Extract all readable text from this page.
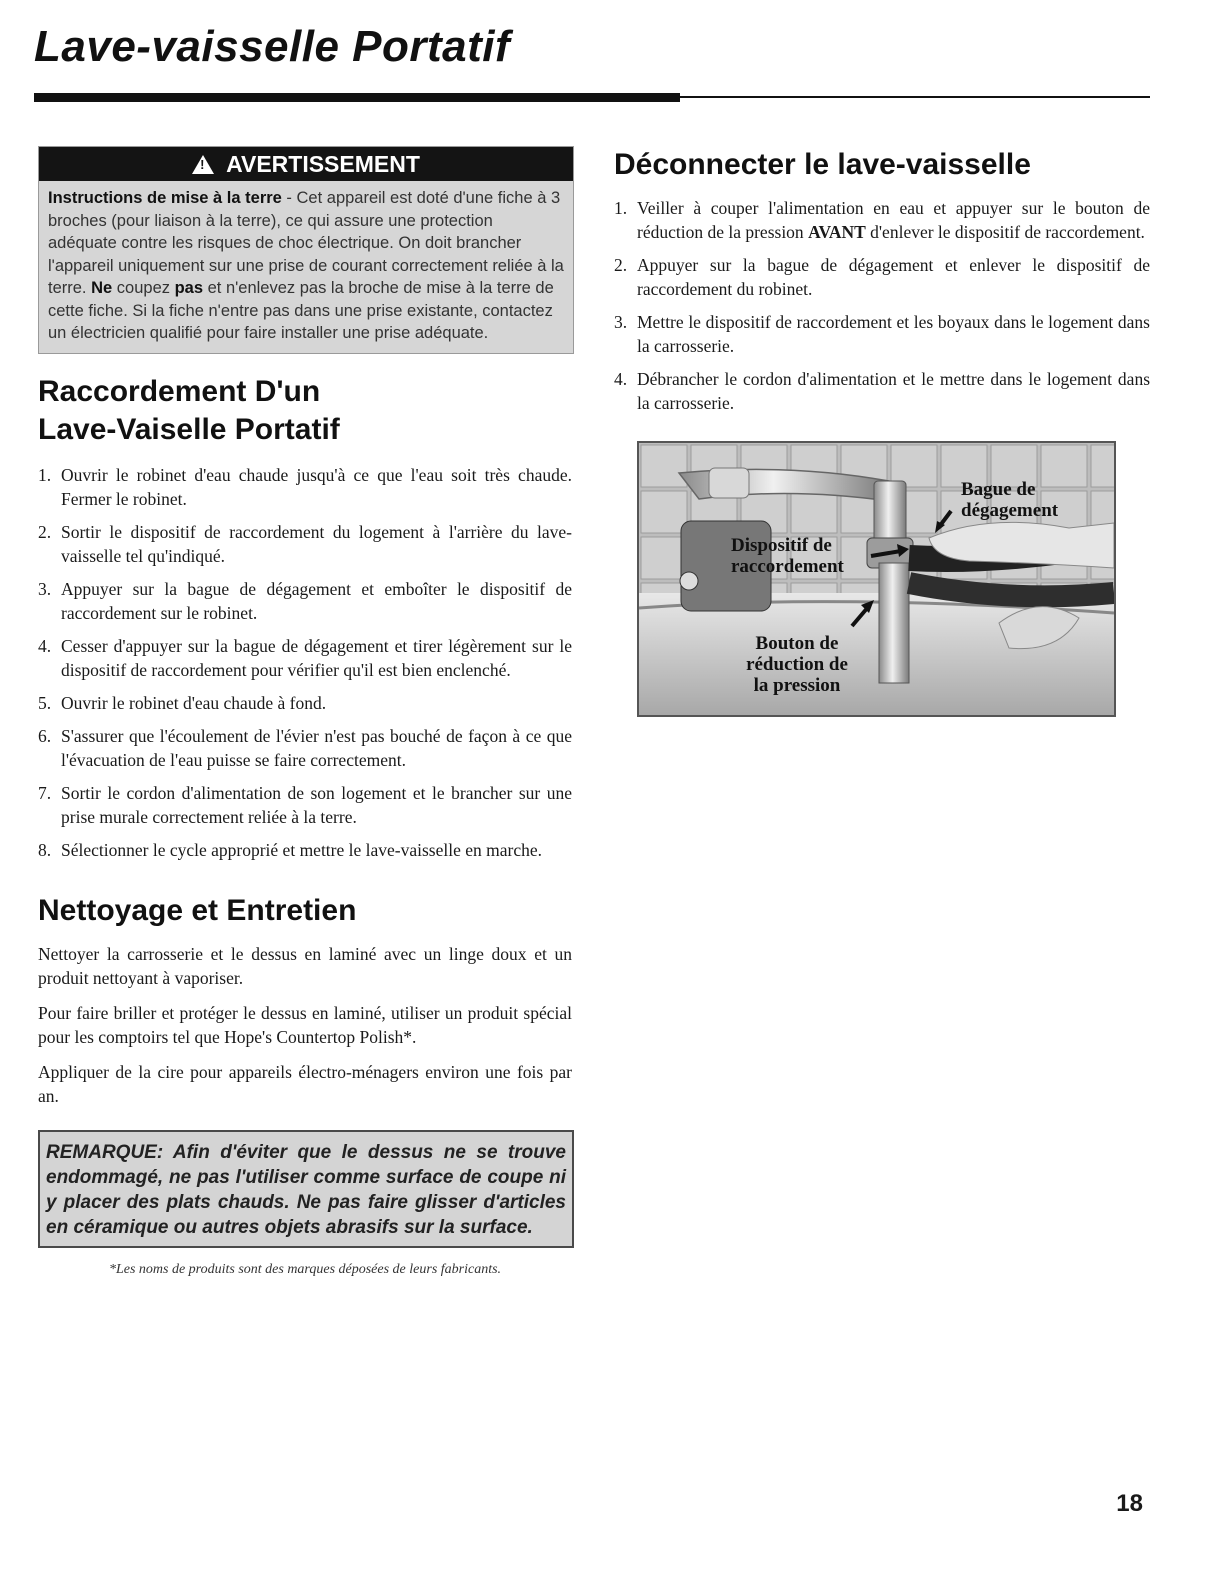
Lave-vaisselle Portatif
! AVERTISSEMENT
Instructions de mise à la terre - Cet appareil est doté d'une fiche à 3 broches (pour liaison à la terre), ce qui assure une protection adéquate contre les risques de choc électrique. On doit brancher l'appareil uniquement sur une prise de courant correctement reliée à la terre. Ne coupez pas et n'enlevez pas la broche de mise à la terre de cette fiche. Si la fiche n'entre pas dans une prise existante, contactez un électricien qualifié pour faire installer une prise adéquate.
Raccordement D'un
Lave-Vaiselle Portatif
1. Ouvrir le robinet d'eau chaude jusqu'à ce que l'eau soit très chaude. Fermer le robinet.
2. Sortir le dispositif de raccordement du logement à l'arrière du lave-vaisselle tel qu'indiqué.
3. Appuyer sur la bague de dégagement et emboîter le dispositif de raccordement sur le robinet.
4. Cesser d'appuyer sur la bague de dégagement et tirer légèrement sur le dispositif de raccordement pour vérifier qu'il est bien enclenché.
5. Ouvrir le robinet d'eau chaude à fond.
6. S'assurer que l'écoulement de l'évier n'est pas bouché de façon à ce que l'évacuation de l'eau puisse se faire correctement.
7. Sortir le cordon d'alimentation de son logement et le brancher sur une prise murale correctement reliée à la terre.
8. Sélectionner le cycle approprié et mettre le lave-vaisselle en marche.
Nettoyage et Entretien

Nettoyer la carrosserie et le dessus en laminé avec un linge doux et un produit nettoyant à vaporiser.

Pour faire briller et protéger le dessus en laminé, utiliser un produit spécial pour les comptoirs tel que Hope's Countertop Polish*.

Appliquer de la cire pour appareils électro-ménagers environ une fois par an.

REMARQUE: Afin d'éviter que le dessus ne se trouve endommagé, ne pas l'utiliser comme surface de coupe ni y placer des plats chauds. Ne pas faire glisser d'articles en céramique ou autres objets abrasifs sur la surface.
*Les noms de produits sont des marques déposées de leurs fabricants.
Déconnecter le lave-vaisselle
1. Veiller à couper l'alimentation en eau et appuyer sur le bouton de réduction de la pression AVANT d'enlever le dispositif de raccordement.
2. Appuyer sur la bague de dégagement et enlever le dispositif de raccordement du robinet.
3. Mettre le dispositif de raccordement et les boyaux dans le logement dans la carrosserie.
4. Débrancher le cordon d'alimentation et le mettre dans le logement dans la carrosserie.
Bague de
dégagement
Dispositif de
raccordement
Bouton de
réduction de
la pression
18
